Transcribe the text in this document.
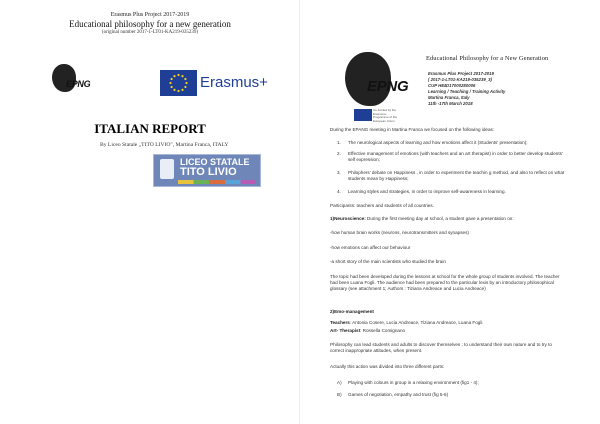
Erasmus Plus Project 2017-2019
Educational philosophy for a new generation
(original number 2017-1-LT01-KA219-035239)
EPNG	Erasmus+
ITALIAN REPORT
By Liceo Statale „TITO LIVIO", Martina Franca, ITALY
LICEO STATALE
TITO LIVIO
EPNG
Educational Philosophy for a New Generation
Erasmus Plus Project 2017-2019
( 2017-1-LT01-KA219-035239_3)
CUP H84D17000280006
Learning / Teaching / Training Activity
Martina Franca, Italy
11th -17th March 2018
Co-funded by the Erasmus+ Programme of the European Union
During the EPANG meeting in Martina Franca we focused on the following ideas:
1. The neurological aspects of learning and how emotions affect it (Students' presentation);
2. Effective management of emotions (with teachers and an art therapist) in order to better develop students' self expression;
3. Philophers' debate on Happiness , in order to experiment the teachin g method, and also to reflect on what students mean by Happiness;
4. Learning styles and strategies, in order to improve self-awareness in learning.
Participants: teachers and students of all countries.
1)Neuroscience: During the first meeting day at school, a student gave a presentation on:
-how human brain works (neurons, neurotransmitters and synapses)
-how emotions can affect our behaviour
-a short story of the main scientists who studied the brain
The topic had been developed during the lessons at school for the whole group of students involved. The teacher had been Luana Fogli. The audience had been prepared to the particular lexis by an introductory philosophical glossary (see attachment 1; Authors : Tiziana Andreace and Lucia Andreace)
2)Emo-management
Teachers: Antonia Cosere, Lucia Andreace, Tiziana Andreace, Luana Fogli
Art- Therapist: Rossella Comignano
Philosophy can lead students and adults to discover themselves ; to understand their own nature and to try to correct inappropriate attitudes, when present.
Actually this action was divided into three different parts:
A) Playing with colours in group in a relaxing environment (fig1 - 4);
B) Games of negotiation, empathy and trust (fig 5-6)
